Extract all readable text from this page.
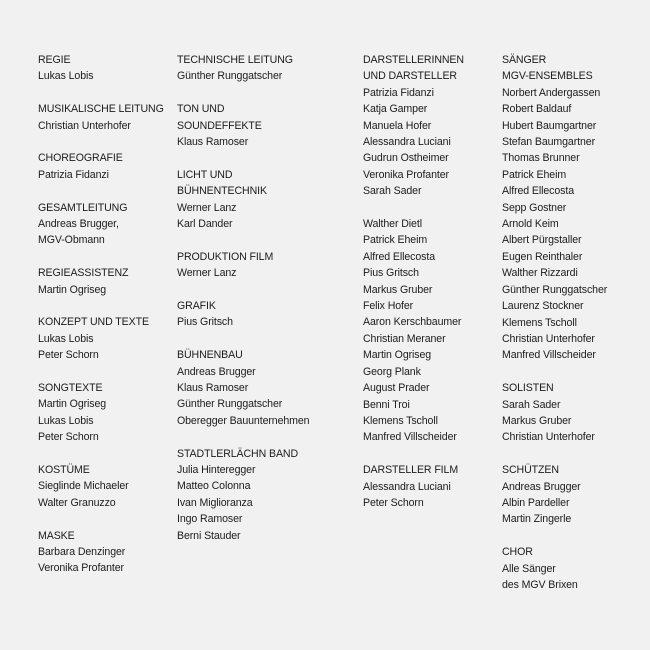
REGIE
Lukas Lobis
MUSIKALISCHE LEITUNG
Christian Unterhofer
CHOREOGRAFIE
Patrizia Fidanzi
GESAMTLEITUNG
Andreas Brugger,
MGV-Obmann
REGIEASSISTENZ
Martin Ogriseg
KONZEPT UND TEXTE
Lukas Lobis
Peter Schorn
SONGTEXTE
Martin Ogriseg
Lukas Lobis
Peter Schorn
KOSTÜME
Sieglinde Michaeler
Walter Granuzzo
MASKE
Barbara Denzinger
Veronika Profanter
TECHNISCHE LEITUNG
Günther Runggatscher
TON UND
SOUNDEFFEKTE
Klaus Ramoser
LICHT UND
BÜHNENTECHNIK
Werner Lanz
Karl Dander
PRODUKTION FILM
Werner Lanz
GRAFIK
Pius Gritsch
BÜHNENBAU
Andreas Brugger
Klaus Ramoser
Günther Runggatscher
Oberegger Bauunternehmen
STADTLERLÄCHN BAND
Julia Hinteregger
Matteo Colonna
Ivan Miglioranza
Ingo Ramoser
Berni Stauder
DARSTELLERINNEN
UND DARSTELLER
Patrizia Fidanzi
Katja Gamper
Manuela Hofer
Alessandra Luciani
Gudrun Ostheimer
Veronika Profanter
Sarah Sader
Walther Dietl
Patrick Eheim
Alfred Ellecosta
Pius Gritsch
Markus Gruber
Felix Hofer
Aaron Kerschbaumer
Christian Meraner
Martin Ogriseg
Georg Plank
August Prader
Benni Troi
Klemens Tscholl
Manfred Villscheider
DARSTELLER FILM
Alessandra Luciani
Peter Schorn
SÄNGER
MGV-ENSEMBLES
Norbert Andergassen
Robert Baldauf
Hubert Baumgartner
Stefan Baumgartner
Thomas Brunner
Patrick Eheim
Alfred Ellecosta
Sepp Gostner
Arnold Keim
Albert Pürgstaller
Eugen Reinthaler
Walther Rizzardi
Günther Runggatscher
Laurenz Stockner
Klemens Tscholl
Christian Unterhofer
Manfred Villscheider
SOLISTEN
Sarah Sader
Markus Gruber
Christian Unterhofer
SCHÜTZEN
Andreas Brugger
Albin Pardeller
Martin Zingerle
CHOR
Alle Sänger
des MGV Brixen
